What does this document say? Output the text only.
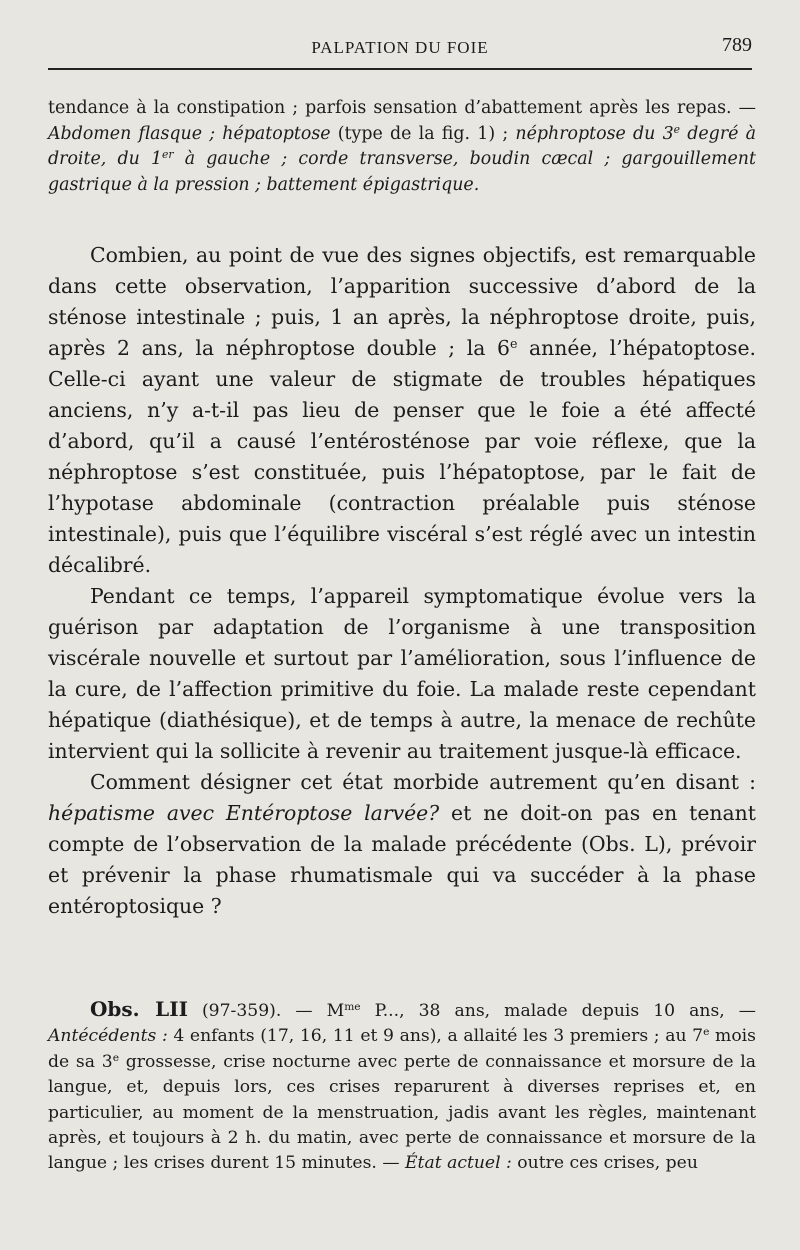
PALPATION DU FOIE	789
tendance à la constipation ; parfois sensation d’abattement après les repas. — Abdomen flasque ; hépatoptose (type de la fig. 1) ; néphroptose du 3e degré à droite, du 1er à gauche ; corde transverse, boudin cæcal ; gargouillement gastrique à la pression ; battement épigastrique.

Combien, au point de vue des signes objectifs, est remarquable dans cette observation, l’apparition successive d’abord de la sténose intestinale ; puis, 1 an après, la néphroptose droite, puis, après 2 ans, la néphroptose double ; la 6e année, l’hépatoptose. Celle-ci ayant une valeur de stigmate de troubles hépatiques anciens, n’y a-t-il pas lieu de penser que le foie a été affecté d’abord, qu’il a causé l’entérosténose par voie réflexe, que la néphroptose s’est constituée, puis l’hépatoptose, par le fait de l’hypotase abdominale (contraction préalable puis sténose intestinale), puis que l’équilibre viscéral s’est réglé avec un intestin décalibré.

Pendant ce temps, l’appareil symptomatique évolue vers la guérison par adaptation de l’organisme à une transposition viscérale nouvelle et surtout par l’amélioration, sous l’influence de la cure, de l’affection primitive du foie. La malade reste cependant hépatique (diathésique), et de temps à autre, la menace de rechûte intervient qui la sollicite à revenir au traitement jusque-là efficace.

Comment désigner cet état morbide autrement qu’en disant : hépatisme avec Entéroptose larvée? et ne doit-on pas en tenant compte de l’observation de la malade précédente (Obs. L), prévoir et prévenir la phase rhumatismale qui va succéder à la phase entéroptosique ?

Obs. LII (97-359). — $M^{me}$ P..., 38 ans, malade depuis 10 ans, — Antécédents : 4 enfants (17, 16, 11 et 9 ans), a allaité les 3 premiers ; au 7e mois de sa 3e grossesse, crise nocturne avec perte de connaissance et morsure de la langue, et, depuis lors, ces crises reparurent à diverses reprises et, en particulier, au moment de la menstruation, jadis avant les règles, maintenant après, et toujours à 2 h. du matin, avec perte de connaissance et morsure de la langue ; les crises durent 15 minutes. — État actuel : outre ces crises, peu
